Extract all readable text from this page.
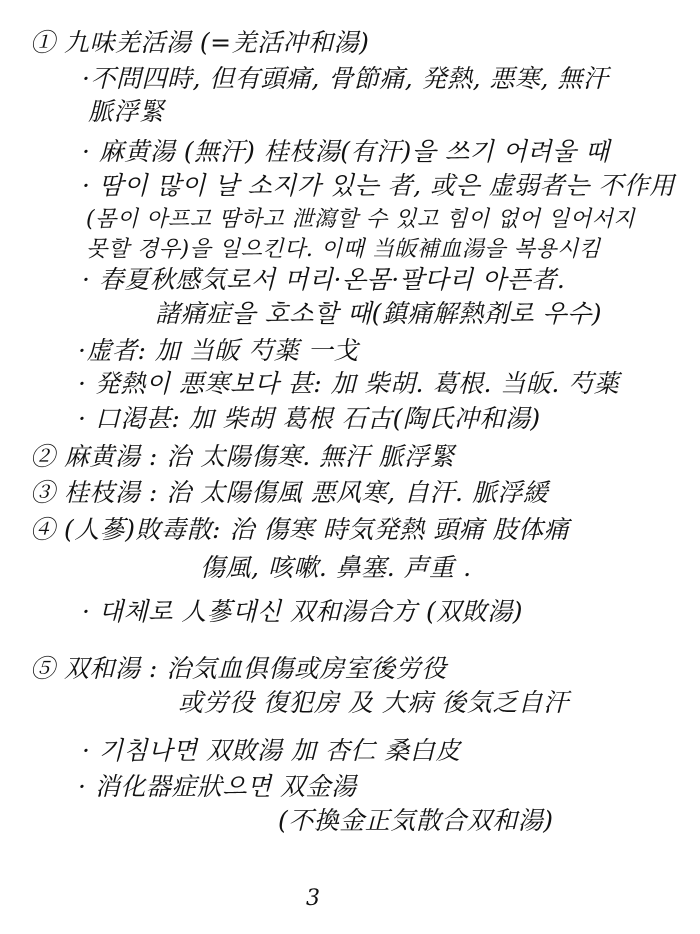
① 九味羌活湯 (=羌活冲和湯)
·不問四時, 但有頭痛, 骨節痛, 発熱, 悪寒, 無汗
脈浮緊
· 麻黄湯 (無汗) 桂枝湯(有汗)을 쓰기 어려울 때
· 땀이 많이 날 소지가 있는 者, 或은 虚弱者는 不作用
(몸이 아프고 땀하고 泄瀉할 수 있고 힘이 없어 일어서지
못할 경우)을 일으킨다. 이때 当皈補血湯을 복용시킴
· 春夏秋感気로서 머리·온몸·팔다리 아픈者.
諸痛症을 호소할 때(鎮痛解熱剤로 우수)
·虚者: 加 当皈 芍薬 一戈
· 発熱이 悪寒보다 甚: 加 柴胡. 葛根. 当皈. 芍薬
· 口渇甚: 加 柴胡 葛根 石古(陶氏冲和湯)
② 麻黄湯 : 治 太陽傷寒. 無汗 脈浮緊
③ 桂枝湯 : 治 太陽傷風 悪风寒, 自汗. 脈浮緩
④ (人蔘)敗毒散: 治 傷寒 時気発熱 頭痛 肢体痛
傷風, 咳嗽. 鼻塞. 声重 .
· 대체로 人蔘대신 双和湯合方 (双敗湯)
⑤ 双和湯 : 治気血俱傷或房室後労役
或労役 復犯房 及 大病 後気乏自汗
· 기침나면 双敗湯 加 杏仁 桑白皮
· 消化器症狀으면 双金湯
(不換金正気散合双和湯)
3
